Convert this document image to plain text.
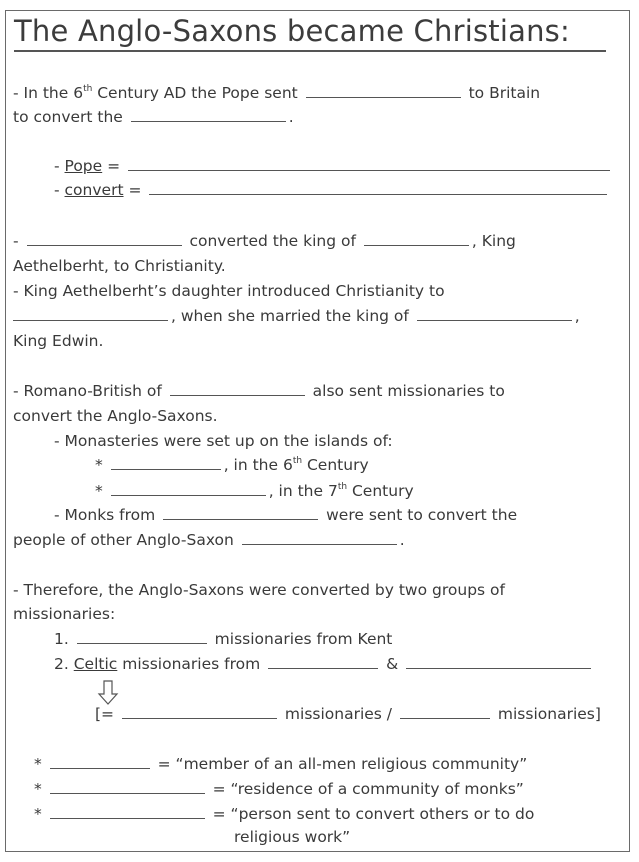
The Anglo-Saxons became Christians:
- In the 6th Century AD the Pope sent	to Britain
to convert the	.
- Pope =
- convert =
-	converted the king of	, King
Aethelberht, to Christianity.
- King Aethelberht’s daughter introduced Christianity to
, when she married the king of	,
King Edwin.
- Romano-British of	also sent missionaries to
convert the Anglo-Saxons.
- Monasteries were set up on the islands of:
*	, in the 6th Century
*	, in the 7th Century
- Monks from	were sent to convert the
people of other Anglo-Saxon	.
- Therefore, the Anglo-Saxons were converted by two groups of
missionaries:
1.	missionaries from Kent
2. Celtic missionaries from	&
[=	missionaries /	missionaries]
*	= “member of an all-men religious community”
*	= “residence of a community of monks”
*	= “person sent to convert others or to do
religious work”
